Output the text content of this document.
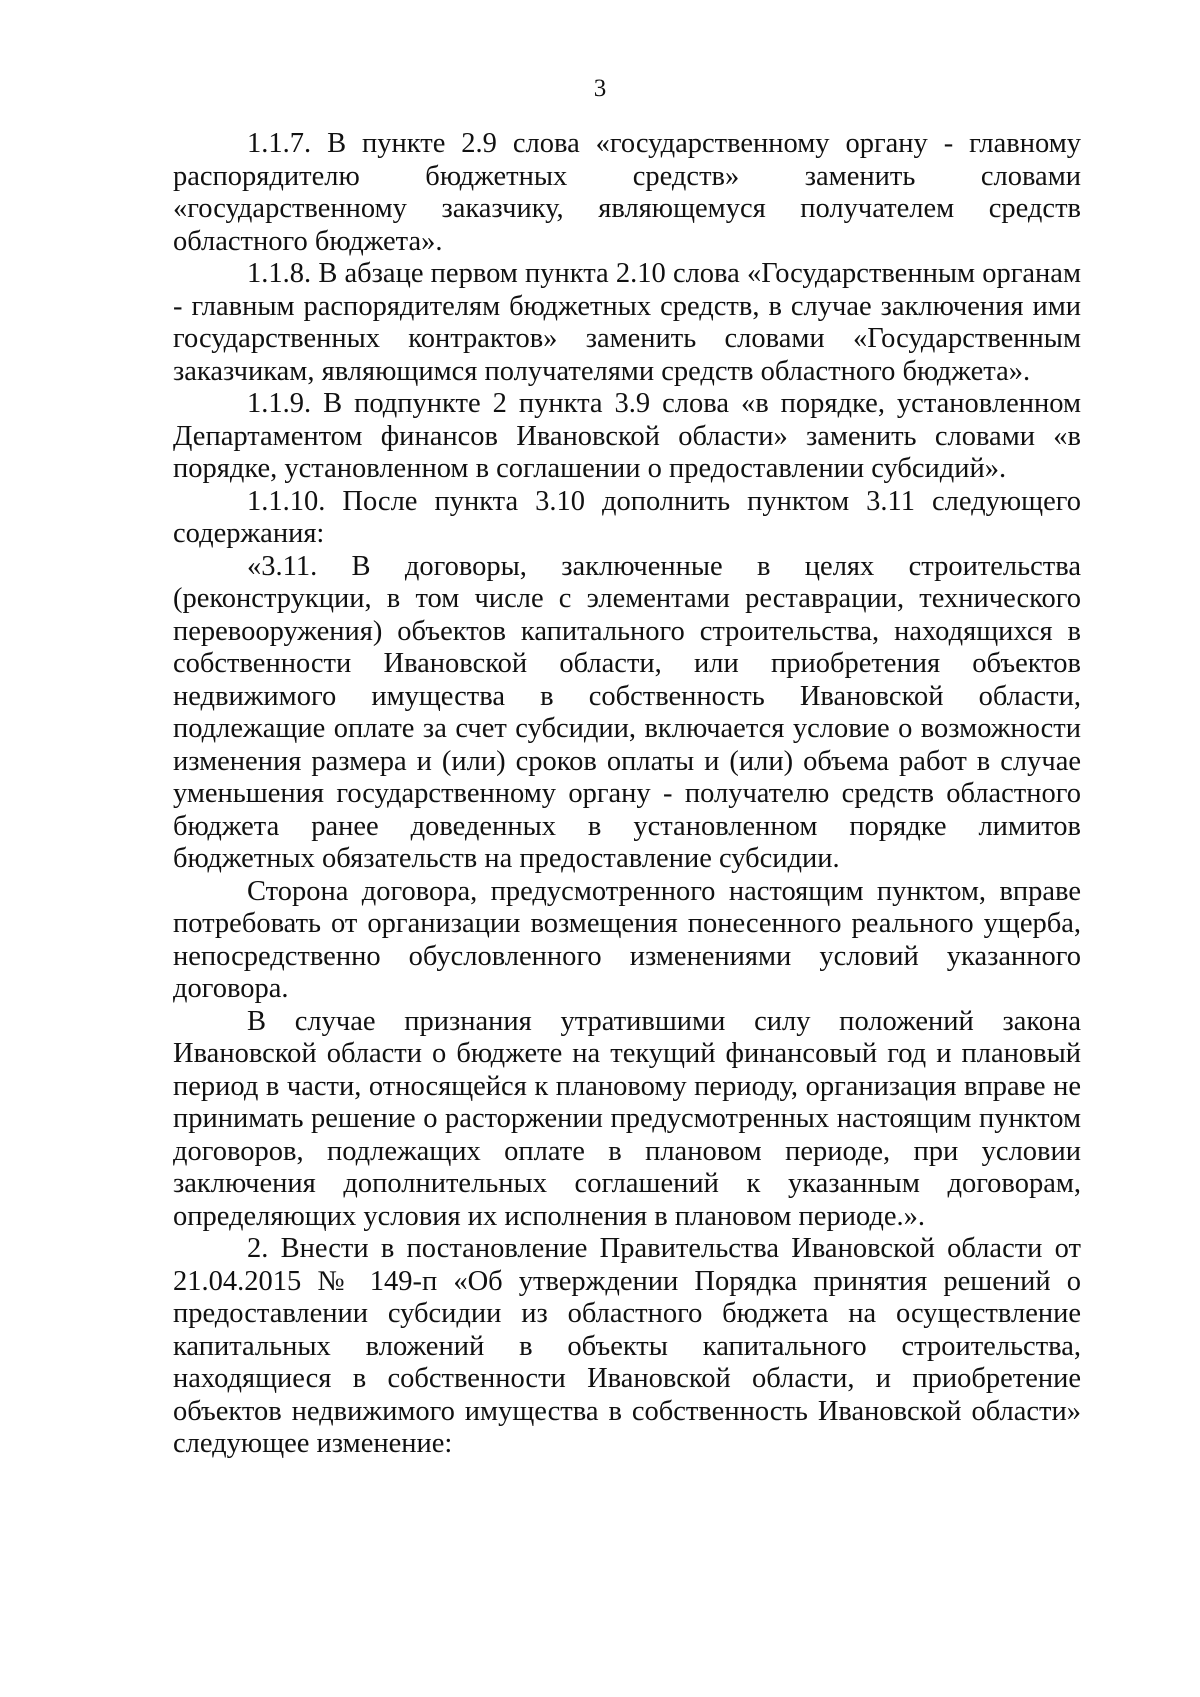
3

1.1.7. В пункте 2.9 слова «государственному органу - главному распорядителю бюджетных средств» заменить словами «государственному заказчику, являющемуся получателем средств областного бюджета».

1.1.8. В абзаце первом пункта 2.10 слова «Государственным органам - главным распорядителям бюджетных средств, в случае заключения ими государственных контрактов» заменить словами «Государственным заказчикам, являющимся получателями средств областного бюджета».

1.1.9. В подпункте 2 пункта 3.9 слова «в порядке, установленном Департаментом финансов Ивановской области» заменить словами «в порядке, установленном в соглашении о предоставлении субсидий».

1.1.10. После пункта 3.10 дополнить пунктом 3.11 следующего содержания:

«3.11. В договоры, заключенные в целях строительства (реконструкции, в том числе с элементами реставрации, технического перевооружения) объектов капитального строительства, находящихся в собственности Ивановской области, или приобретения объектов недвижимого имущества в собственность Ивановской области, подлежащие оплате за счет субсидии, включается условие о возможности изменения размера и (или) сроков оплаты и (или) объема работ в случае уменьшения государственному органу - получателю средств областного бюджета ранее доведенных в установленном порядке лимитов бюджетных обязательств на предоставление субсидии.

Сторона договора, предусмотренного настоящим пунктом, вправе потребовать от организации возмещения понесенного реального ущерба, непосредственно обусловленного изменениями условий указанного договора.

В случае признания утратившими силу положений закона Ивановской области о бюджете на текущий финансовый год и плановый период в части, относящейся к плановому периоду, организация вправе не принимать решение о расторжении предусмотренных настоящим пунктом договоров, подлежащих оплате в плановом периоде, при условии заключения дополнительных соглашений к указанным договорам, определяющих условия их исполнения в плановом периоде.».

2. Внести в постановление Правительства Ивановской области от 21.04.2015 № 149-п «Об утверждении Порядка принятия решений о предоставлении субсидии из областного бюджета на осуществление капитальных вложений в объекты капитального строительства, находящиеся в собственности Ивановской области, и приобретение объектов недвижимого имущества в собственность Ивановской области» следующее изменение:
